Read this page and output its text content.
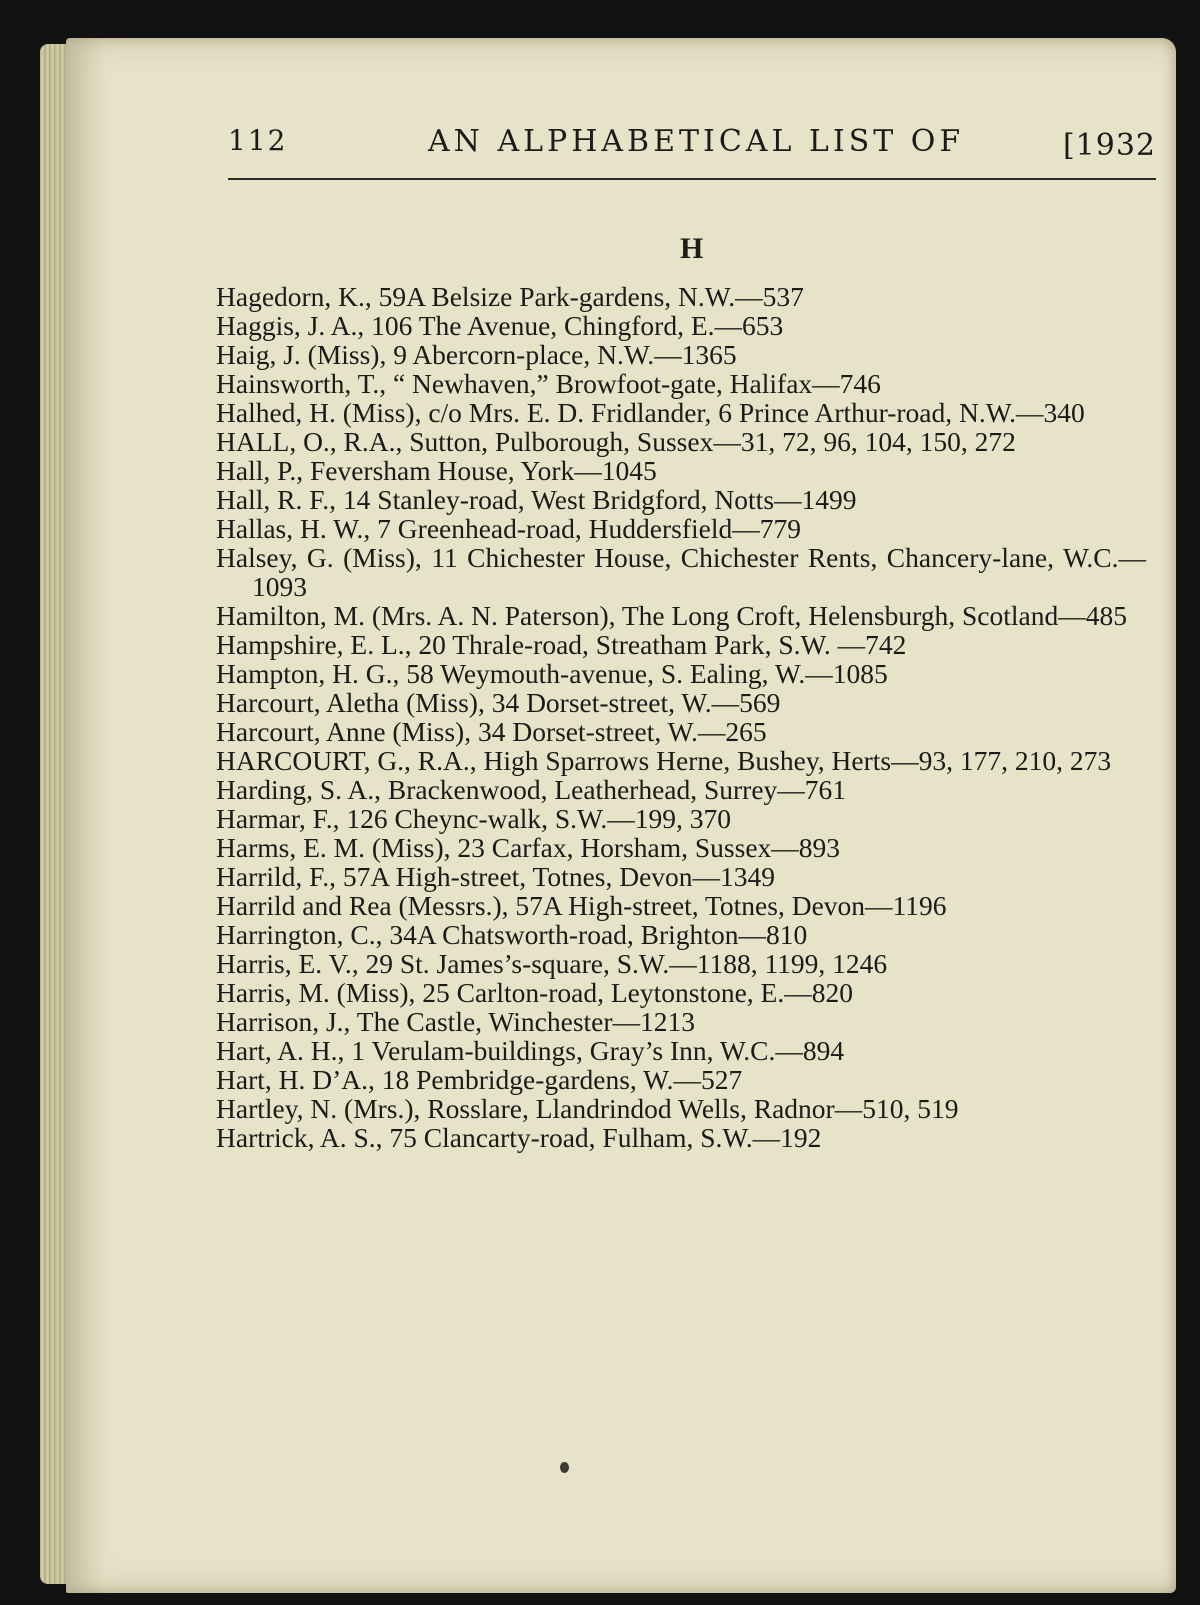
112	AN ALPHABETICAL LIST OF	[1932
H
Hagedorn, K., 59A Belsize Park-gardens, N.W.—537
Haggis, J. A., 106 The Avenue, Chingford, E.—653
Haig, J. (Miss), 9 Abercorn-place, N.W.—1365
Hainsworth, T., “ Newhaven,” Browfoot-gate, Halifax—746
Halhed, H. (Miss), c/o Mrs. E. D. Fridlander, 6 Prince Arthur-road, N.W.—340
HALL, O., R.A., Sutton, Pulborough, Sussex—31, 72, 96, 104, 150, 272
Hall, P., Feversham House, York—1045
Hall, R. F., 14 Stanley-road, West Bridgford, Notts—1499
Hallas, H. W., 7 Greenhead-road, Huddersfield—779
Halsey, G. (Miss), 11 Chichester House, Chichester Rents, Chancery-lane, W.C.—1093
Hamilton, M. (Mrs. A. N. Paterson), The Long Croft, Helensburgh, Scotland—485
Hampshire, E. L., 20 Thrale-road, Streatham Park, S.W. —742
Hampton, H. G., 58 Weymouth-avenue, S. Ealing, W.—1085
Harcourt, Aletha (Miss), 34 Dorset-street, W.—569
Harcourt, Anne (Miss), 34 Dorset-street, W.—265
HARCOURT, G., R.A., High Sparrows Herne, Bushey, Herts—93, 177, 210, 273
Harding, S. A., Brackenwood, Leatherhead, Surrey—761
Harmar, F., 126 Cheync-walk, S.W.—199, 370
Harms, E. M. (Miss), 23 Carfax, Horsham, Sussex—893
Harrild, F., 57A High-street, Totnes, Devon—1349
Harrild and Rea (Messrs.), 57A High-street, Totnes, Devon—1196
Harrington, C., 34A Chatsworth-road, Brighton—810
Harris, E. V., 29 St. James’s-square, S.W.—1188, 1199, 1246
Harris, M. (Miss), 25 Carlton-road, Leytonstone, E.—820
Harrison, J., The Castle, Winchester—1213
Hart, A. H., 1 Verulam-buildings, Gray’s Inn, W.C.—894
Hart, H. D’A., 18 Pembridge-gardens, W.—527
Hartley, N. (Mrs.), Rosslare, Llandrindod Wells, Radnor—510, 519
Hartrick, A. S., 75 Clancarty-road, Fulham, S.W.—192
